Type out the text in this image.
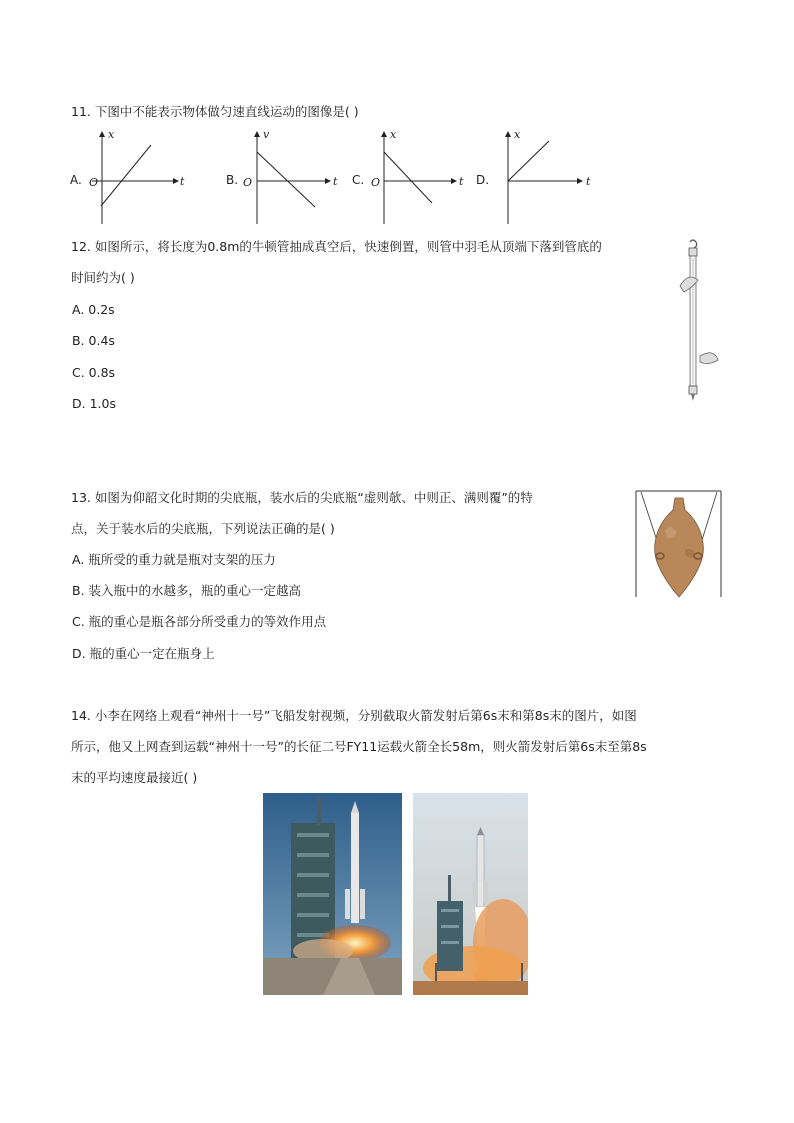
11. 下图中不能表示物体做匀速直线运动的图像是( )
A.
x
t
O	B.
v
t
O	C.
x
t
O	D.
x
t
12. 如图所示，将长度为0.8m的牛顿管抽成真空后，快速倒置，则管中羽毛从顶端下落到管底的
时间约为( )
A. 0.2s
B. 0.4s
C. 0.8s
D. 1.0s
13. 如图为仰韶文化时期的尖底瓶，装水后的尖底瓶“虚则欹、中则正、满则覆”的特
点，关于装水后的尖底瓶，下列说法正确的是( )
A. 瓶所受的重力就是瓶对支架的压力
B. 装入瓶中的水越多，瓶的重心一定越高
C. 瓶的重心是瓶各部分所受重力的等效作用点
D. 瓶的重心一定在瓶身上
14. 小李在网络上观看“神州十一号”飞船发射视频，分别截取火箭发射后第6s末和第8s末的图片，如图
所示，他又上网查到运载“神州十一号”的长征二号FY11运载火箭全长58m，则火箭发射后第6s末至第8s
末的平均速度最接近( )
